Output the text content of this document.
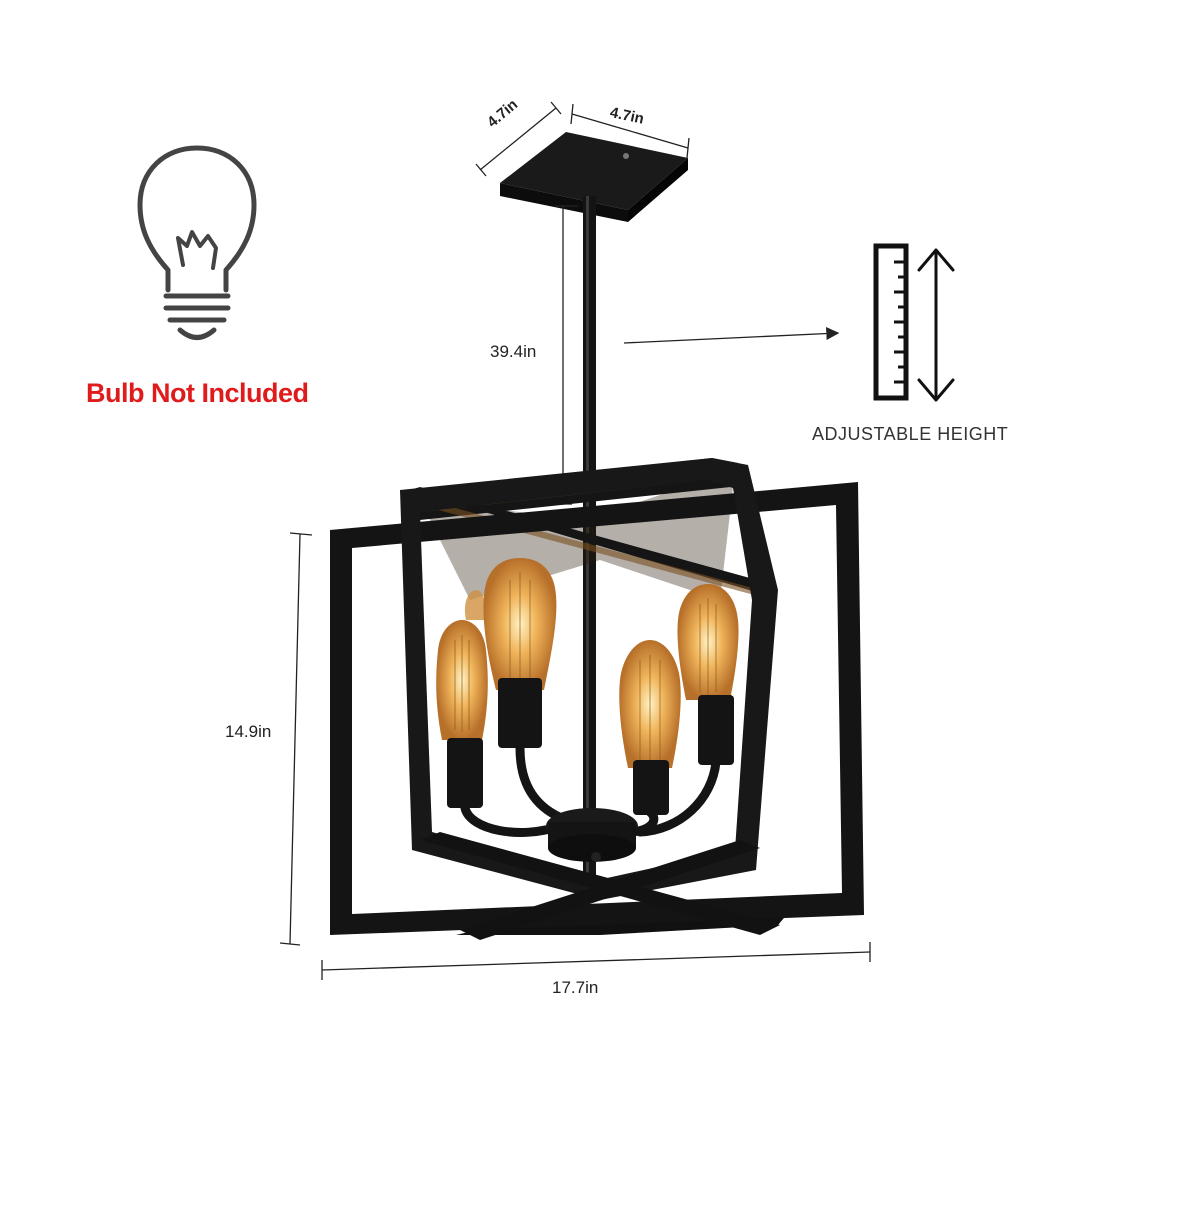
4.7in	4.7in
39.4in
14.9in
17.7in
Bulb Not Included
ADJUSTABLE HEIGHT
